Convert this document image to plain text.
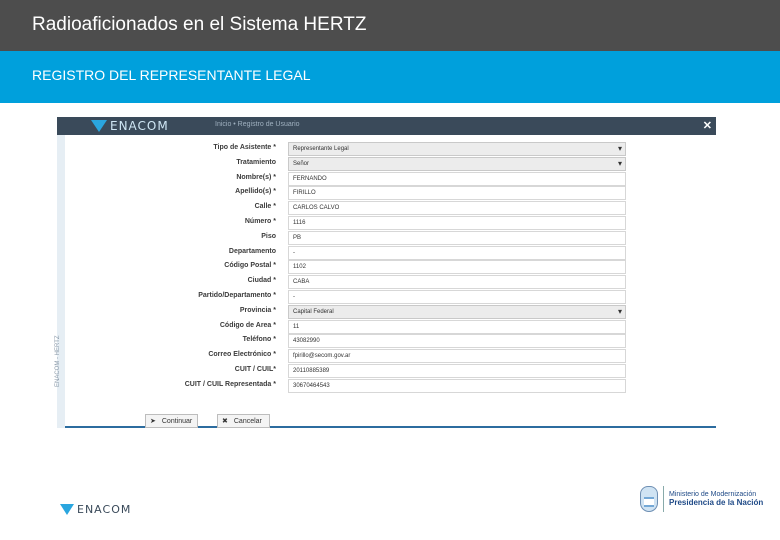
Radioaficionados en el Sistema HERTZ
REGISTRO DEL REPRESENTANTE LEGAL
ENACOM	Inicio • Registro de Usuario	✕
ENACOM - HERTZ
Tipo de Asistente *	Representante Legal ▾
Tratamiento	Señor ▾
Nombre(s) *	FERNANDO
Apellido(s) *	FIRILLO
Calle *	CARLOS CALVO
Número *	1116
Piso	PB
Departamento	-
Código Postal *	1102
Ciudad *	CABA
Partido/Departamento *	-
Provincia *	Capital Federal ▾
Código de Area *	11
Teléfono *	43082990
Correo Electrónico *	fpirillo@secom.gov.ar
CUIT / CUIL*	20110885389
CUIT / CUIL Representada *	30670464543
➤ Continuar	✖ Cancelar
ENACOM
Ministerio de Modernización
Presidencia de la Nación
